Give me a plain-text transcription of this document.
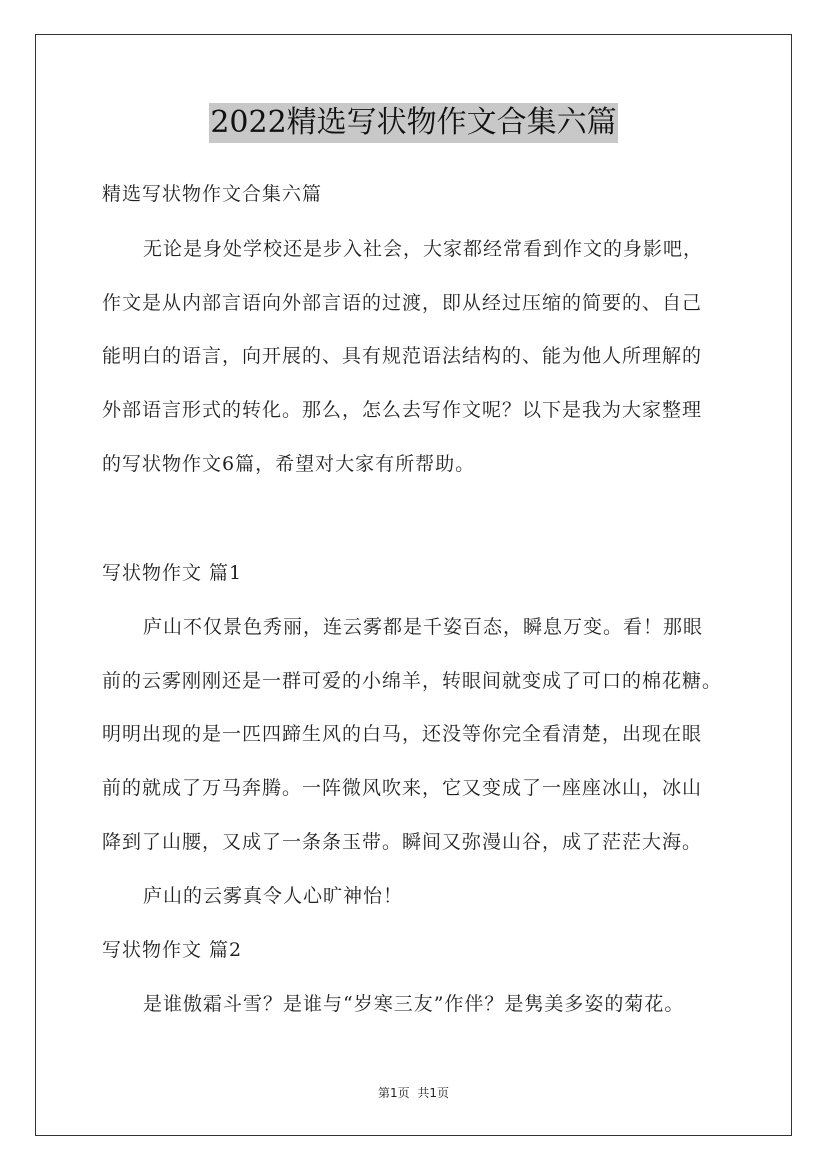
2022精选写状物作文合集六篇
精选写状物作文合集六篇
无论是身处学校还是步入社会，大家都经常看到作文的身影吧，
作文是从内部言语向外部言语的过渡，即从经过压缩的简要的、自己
能明白的语言，向开展的、具有规范语法结构的、能为他人所理解的
外部语言形式的转化。那么，怎么去写作文呢？以下是我为大家整理
的写状物作文6篇，希望对大家有所帮助。
写状物作文 篇1
庐山不仅景色秀丽，连云雾都是千姿百态，瞬息万变。看！那眼
前的云雾刚刚还是一群可爱的小绵羊，转眼间就变成了可口的棉花糖。
明明出现的是一匹四蹄生风的白马，还没等你完全看清楚，出现在眼
前的就成了万马奔腾。一阵微风吹来，它又变成了一座座冰山，冰山
降到了山腰，又成了一条条玉带。瞬间又弥漫山谷，成了茫茫大海。
庐山的云雾真令人心旷神怡！
写状物作文 篇2
是谁傲霜斗雪？是谁与“岁寒三友”作伴？是隽美多姿的菊花。
第1页 共1页
